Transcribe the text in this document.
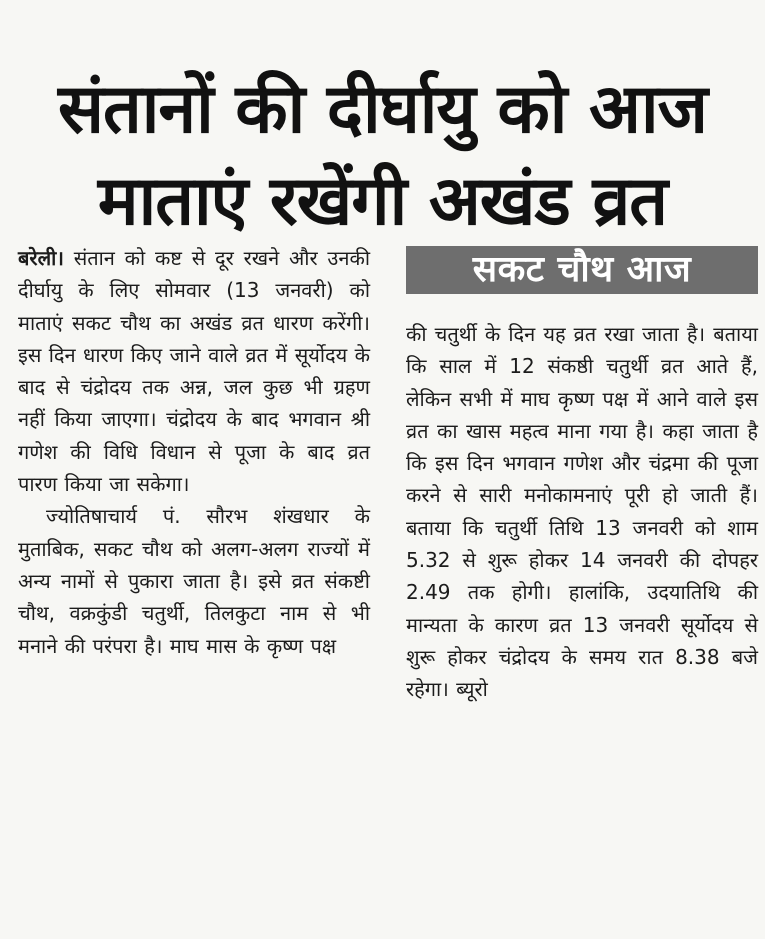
संतानों की दीर्घायु को आज
माताएं रखेंगी अखंड व्रत

बरेली। संतान को कष्ट से दूर रखने और उनकी दीर्घायु के लिए सोमवार (13 जनवरी) को माताएं सकट चौथ का अखंड व्रत धारण करेंगी। इस दिन धारण किए जाने वाले व्रत में सूर्योदय के बाद से चंद्रोदय तक अन्न, जल कुछ भी ग्रहण नहीं किया जाएगा। चंद्रोदय के बाद भगवान श्री गणेश की विधि विधान से पूजा के बाद व्रत पारण किया जा सकेगा।

ज्योतिषाचार्य पं. सौरभ शंखधार के मुताबिक, सकट चौथ को अलग-अलग राज्यों में अन्य नामों से पुकारा जाता है। इसे व्रत संकष्टी चौथ, वक्रकुंडी चतुर्थी, तिलकुटा नाम से भी मनाने की परंपरा है। माघ मास के कृष्ण पक्ष

सकट चौथ आज

की चतुर्थी के दिन यह व्रत रखा जाता है। बताया कि साल में 12 संकष्ठी चतुर्थी व्रत आते हैं, लेकिन सभी में माघ कृष्ण पक्ष में आने वाले इस व्रत का खास महत्व माना गया है। कहा जाता है कि इस दिन भगवान गणेश और चंद्रमा की पूजा करने से सारी मनोकामनाएं पूरी हो जाती हैं। बताया कि चतुर्थी तिथि 13 जनवरी को शाम 5.32 से शुरू होकर 14 जनवरी की दोपहर 2.49 तक होगी। हालांकि, उदयातिथि की मान्यता के कारण व्रत 13 जनवरी सूर्योदय से शुरू होकर चंद्रोदय के समय रात 8.38 बजे रहेगा। ब्यूरो
